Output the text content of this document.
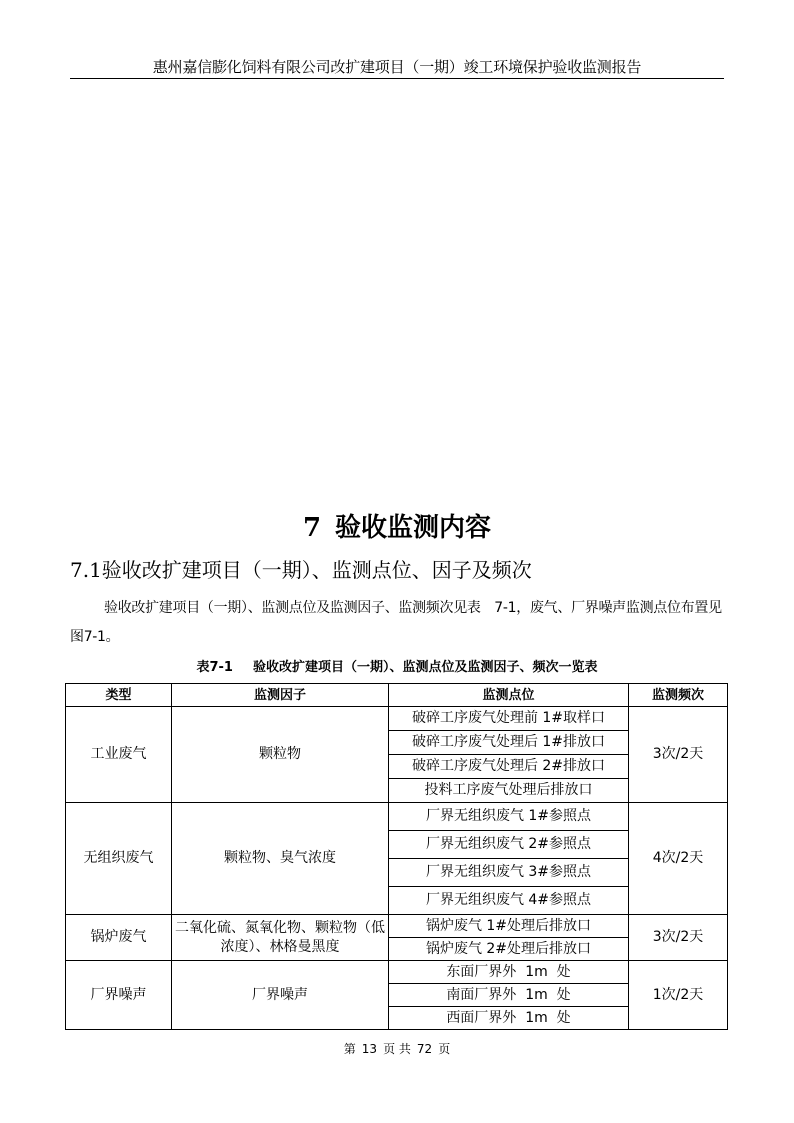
惠州嘉信膨化饲料有限公司改扩建项目（一期）竣工环境保护验收监测报告
7 验收监测内容
7.1验收改扩建项目（一期）、监测点位、因子及频次
验收改扩建项目（一期）、监测点位及监测因子、监测频次见表　7-1，废气、厂界噪声监测点位布置见图7-1。
表7-1 验收改扩建项目（一期）、监测点位及监测因子、频次一览表
类型	监测因子	监测点位	监测频次
工业废气	颗粒物	破碎工序废气处理前 1#取样口	3次/2天
		破碎工序废气处理后 1#排放口	
		破碎工序废气处理后 2#排放口	
		投料工序废气处理后排放口	
无组织废气	颗粒物、臭气浓度	厂界无组织废气 1#参照点	4次/2天
		厂界无组织废气 2#参照点	
		厂界无组织废气 3#参照点	
		厂界无组织废气 4#参照点	
锅炉废气	二氧化硫、氮氧化物、颗粒物（低浓度）、林格曼黑度	锅炉废气 1#处理后排放口	3次/2天
		锅炉废气 2#处理后排放口	
厂界噪声	厂界噪声	东面厂界外  1m  处	1次/2天
		南面厂界外  1m  处	
		西面厂界外  1m  处	
第 13 页 共 72 页
